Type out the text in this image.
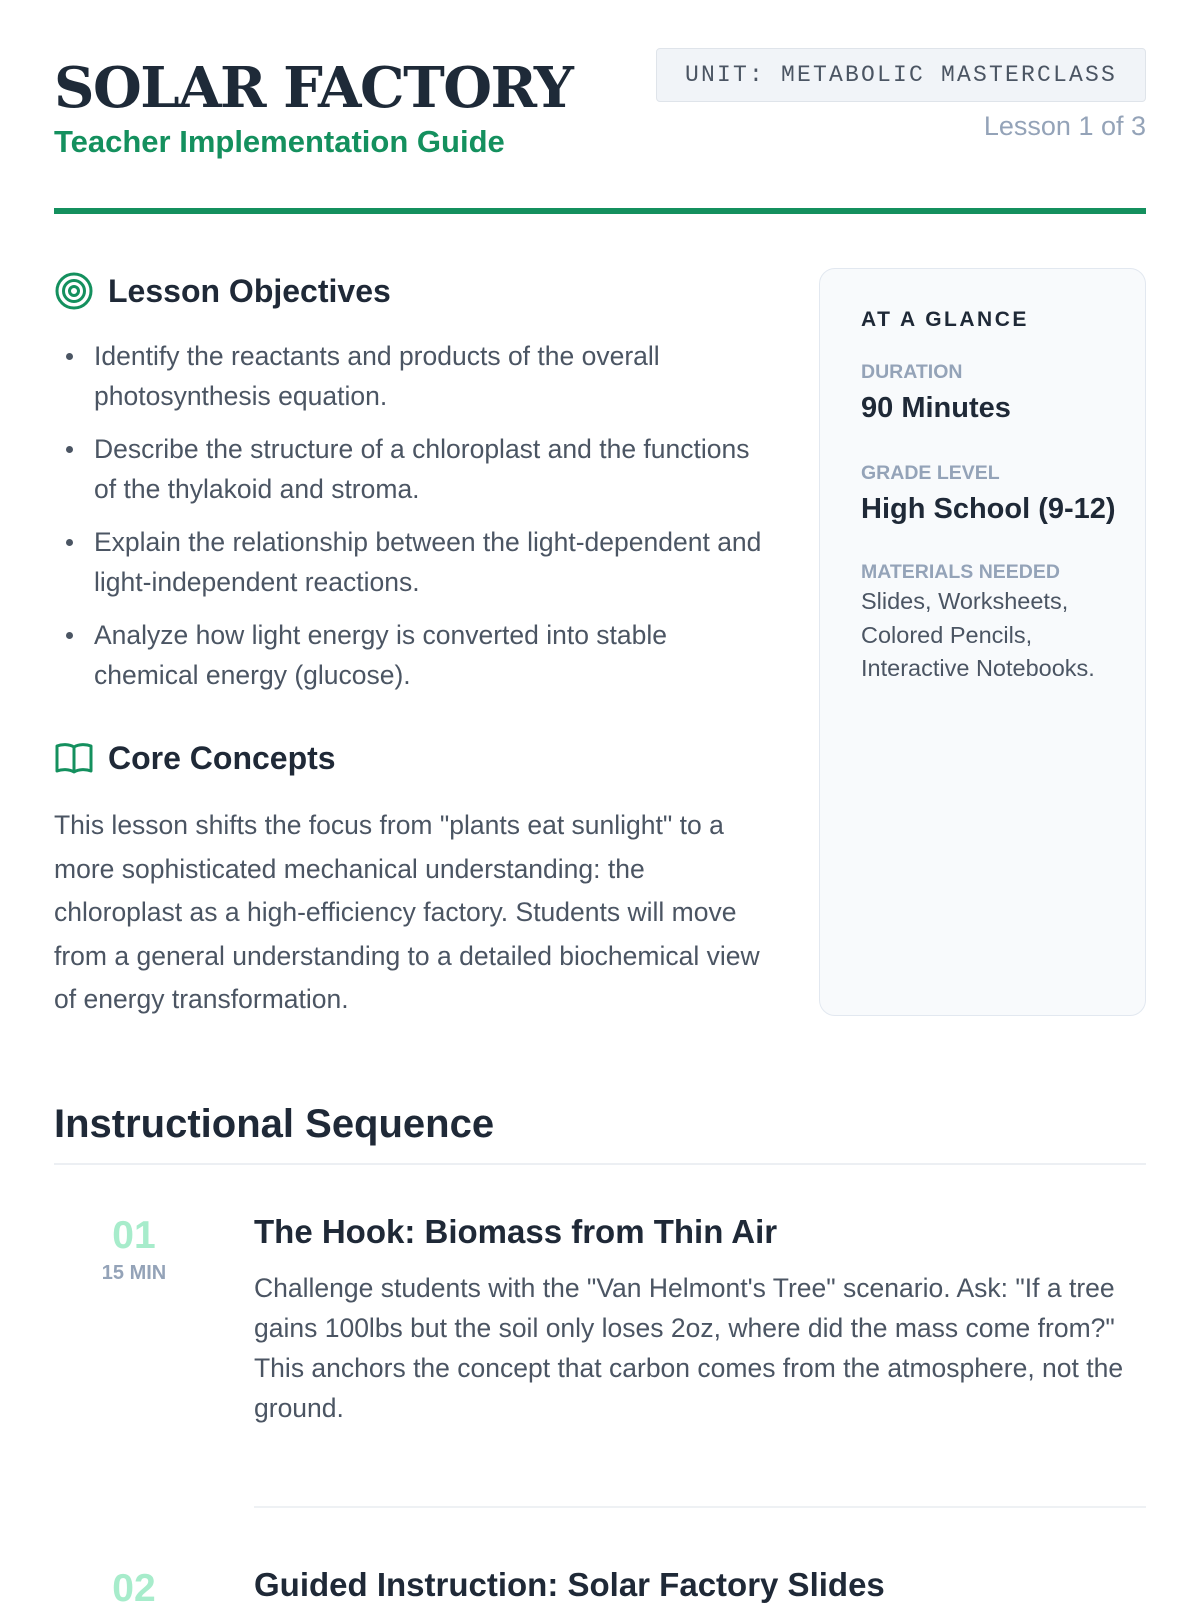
SOLAR FACTORY
Teacher Implementation Guide
UNIT: METABOLIC MASTERCLASS
Lesson 1 of 3
Lesson Objectives
Identify the reactants and products of the overall photosynthesis equation.
Describe the structure of a chloroplast and the functions of the thylakoid and stroma.
Explain the relationship between the light-dependent and light-independent reactions.
Analyze how light energy is converted into stable chemical energy (glucose).
Core Concepts

This lesson shifts the focus from "plants eat sunlight" to a more sophisticated mechanical understanding: the chloroplast as a high-efficiency factory. Students will move from a general understanding to a detailed biochemical view of energy transformation.

AT A GLANCE
DURATION
90 Minutes
GRADE LEVEL
High School (9-12)
MATERIALS NEEDED
Slides, Worksheets, Colored Pencils, Interactive Notebooks.
Instructional Sequence
01
15 MIN
The Hook: Biomass from Thin Air

Challenge students with the "Van Helmont's Tree" scenario. Ask: "If a tree gains 100lbs but the soil only loses 2oz, where did the mass come from?" This anchors the concept that carbon comes from the atmosphere, not the ground.

02	Guided Instruction: Solar Factory Slides
